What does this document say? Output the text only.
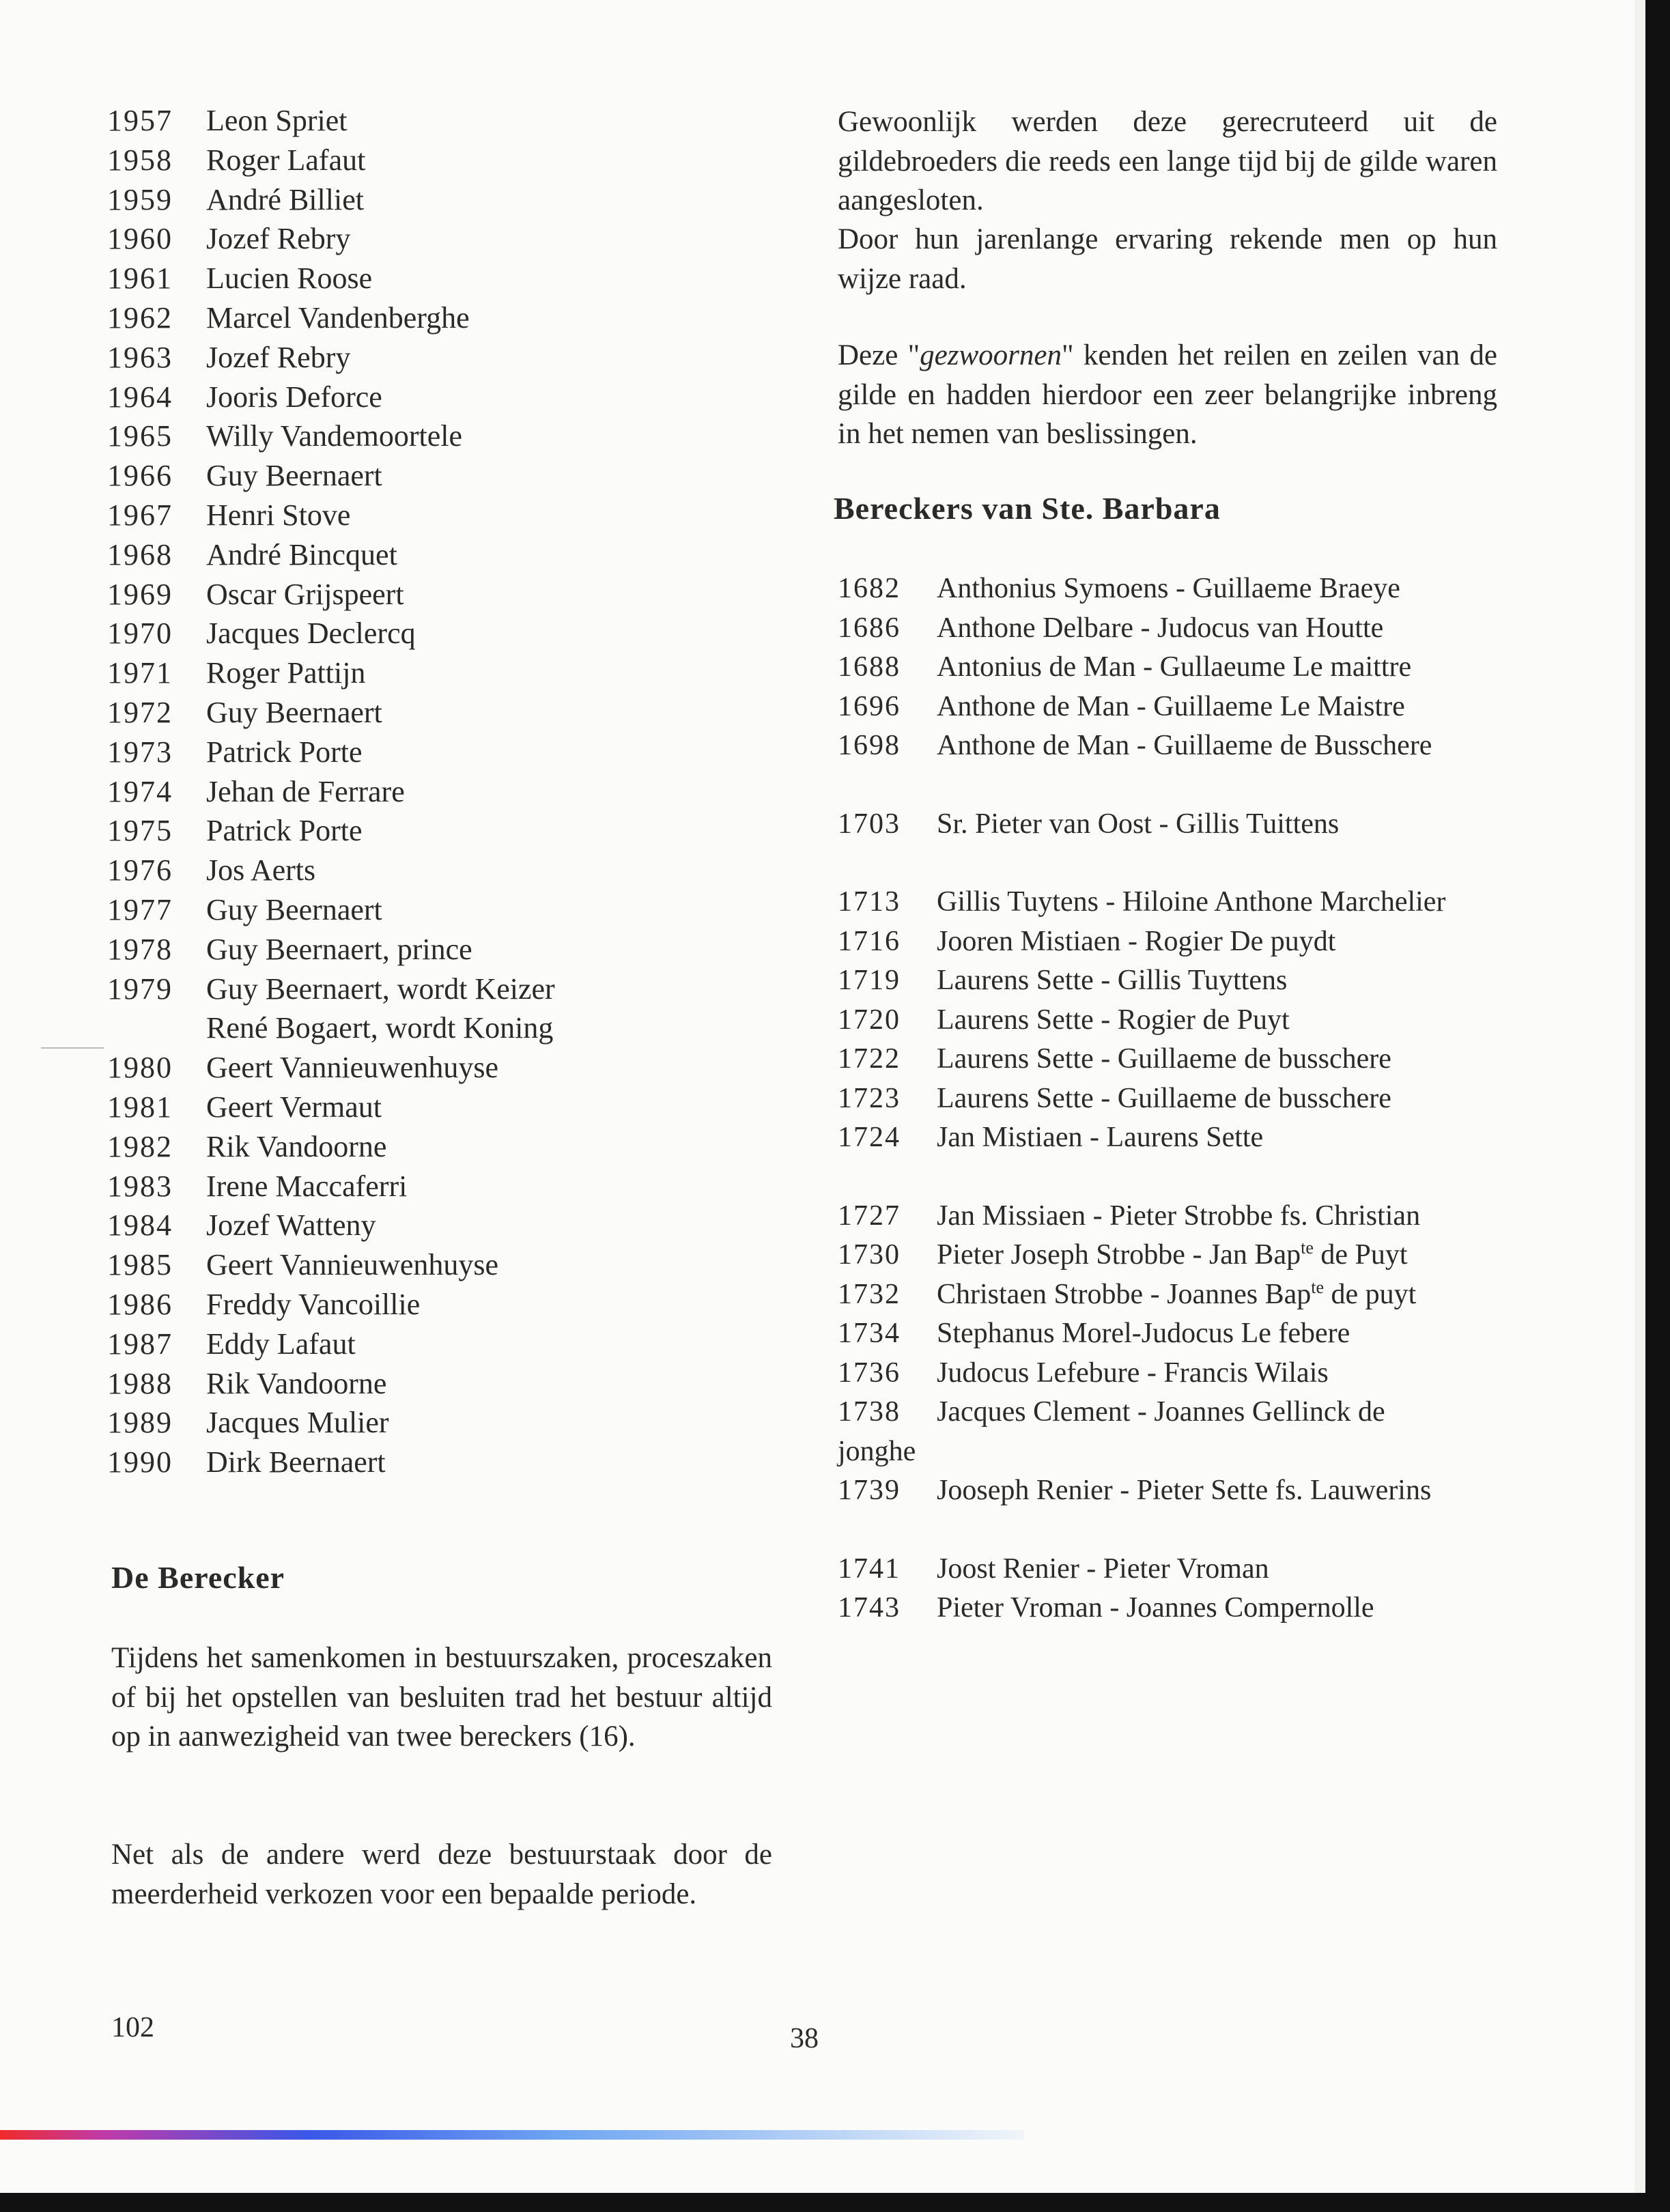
1957 Leon Spriet
1958 Roger Lafaut
1959 André Billiet
1960 Jozef Rebry
1961 Lucien Roose
1962 Marcel Vandenberghe
1963 Jozef Rebry
1964 Jooris Deforce
1965 Willy Vandemoortele
1966 Guy Beernaert
1967 Henri Stove
1968 André Bincquet
1969 Oscar Grijspeert
1970 Jacques Declercq
1971 Roger Pattijn
1972 Guy Beernaert
1973 Patrick Porte
1974 Jehan de Ferrare
1975 Patrick Porte
1976 Jos Aerts
1977 Guy Beernaert
1978 Guy Beernaert, prince
1979 Guy Beernaert, wordt Keizer
René Bogaert, wordt Koning
1980 Geert Vannieuwenhuyse
1981 Geert Vermaut
1982 Rik Vandoorne
1983 Irene Maccaferri
1984 Jozef Watteny
1985 Geert Vannieuwenhuyse
1986 Freddy Vancoillie
1987 Eddy Lafaut
1988 Rik Vandoorne
1989 Jacques Mulier
1990 Dirk Beernaert
De Berecker

Tijdens het samenkomen in bestuurszaken, proceszaken of bij het opstellen van besluiten trad het bestuur altijd op in aanwezigheid van twee bereckers (16).

Net als de andere werd deze bestuurstaak door de meerderheid verkozen voor een bepaalde periode.

Gewoonlijk werden deze gerecruteerd uit de gildebroeders die reeds een lange tijd bij de gilde waren aangesloten.

Door hun jarenlange ervaring rekende men op hun wijze raad.

Deze "gezwoornen" kenden het reilen en zeilen van de gilde en hadden hierdoor een zeer belangrijke inbreng in het nemen van beslissingen.

Bereckers van Ste. Barbara
1682	Anthonius Symoens - Guillaeme Braeye
1686	Anthone Delbare - Judocus van Houtte
1688	Antonius de Man - Gullaeume Le maittre
1696	Anthone de Man - Guillaeme Le Maistre
1698	Anthone de Man - Guillaeme de Busschere
1703	Sr. Pieter van Oost - Gillis Tuittens
1713	Gillis Tuytens - Hiloine Anthone Marchelier
1716	Jooren Mistiaen - Rogier De puydt
1719	Laurens Sette - Gillis Tuyttens
1720	Laurens Sette - Rogier de Puyt
1722	Laurens Sette - Guillaeme de busschere
1723	Laurens Sette - Guillaeme de busschere
1724	Jan Mistiaen - Laurens Sette
1727	Jan Missiaen - Pieter Strobbe fs. Christian
1730	Pieter Joseph Strobbe - Jan Bap$^{te}$ de Puyt
1732	Christaen Strobbe - Joannes Bap$^{te}$ de puyt
1734	Stephanus Morel-Judocus Le febere
1736	Judocus Lefebure - Francis Wilais
1738	Jacques Clement - Joannes Gellinck de
jonghe
1739	Jooseph Renier - Pieter Sette fs. Lauwerins
1741	Joost Renier - Pieter Vroman
1743	Pieter Vroman - Joannes Compernolle
102	38
